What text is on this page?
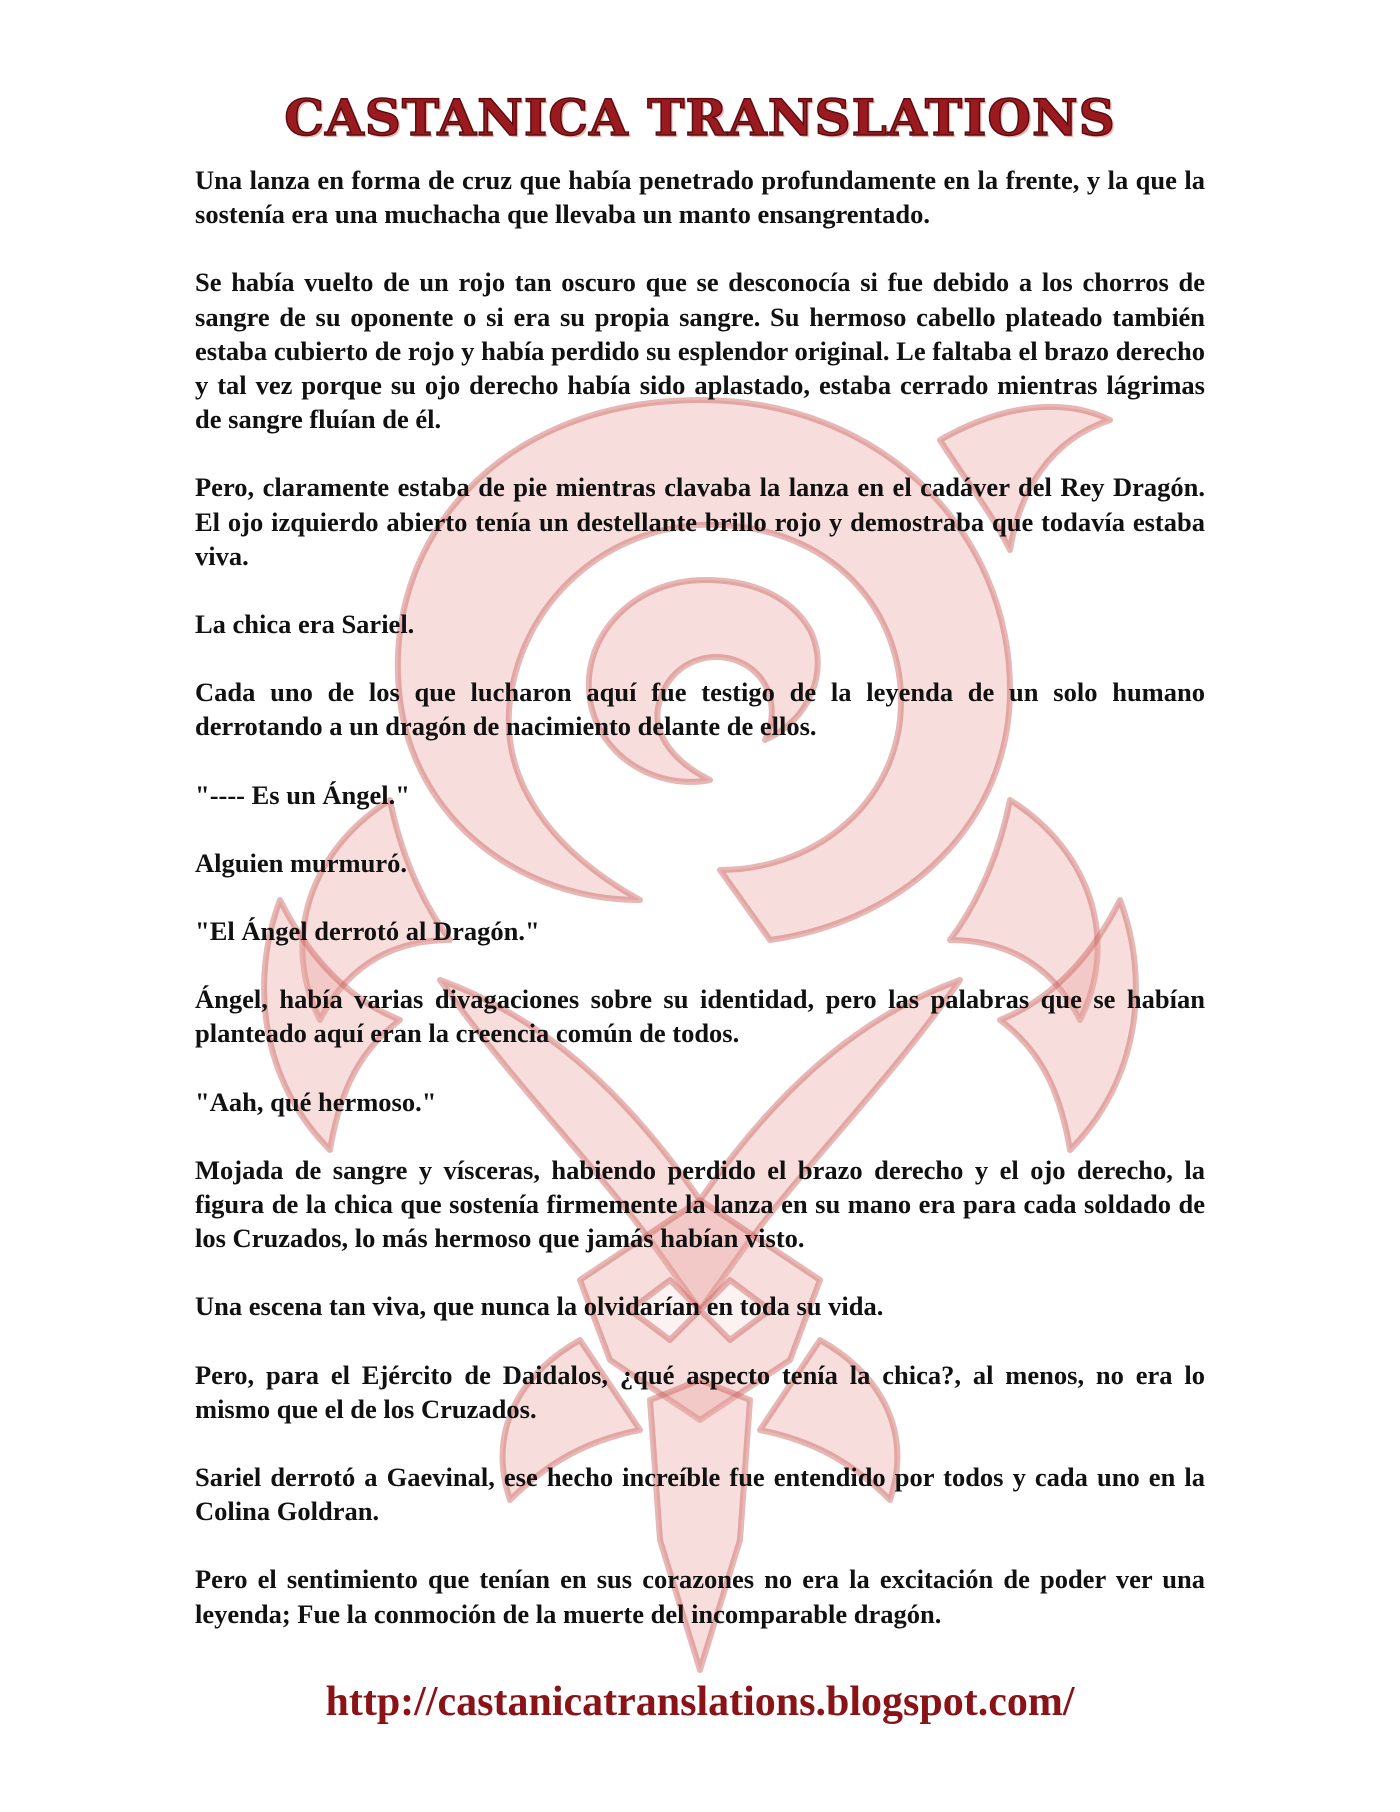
CASTANICA TRANSLATIONS

Una lanza en forma de cruz que había penetrado profundamente en la frente, y la que la sostenía era una muchacha que llevaba un manto ensangrentado.

Se había vuelto de un rojo tan oscuro que se desconocía si fue debido a los chorros de sangre de su oponente o si era su propia sangre. Su hermoso cabello plateado también estaba cubierto de rojo y había perdido su esplendor original. Le faltaba el brazo derecho y tal vez porque su ojo derecho había sido aplastado, estaba cerrado mientras lágrimas de sangre fluían de él.

Pero, claramente estaba de pie mientras clavaba la lanza en el cadáver del Rey Dragón. El ojo izquierdo abierto tenía un destellante brillo rojo y demostraba que todavía estaba viva.

La chica era Sariel.

Cada uno de los que lucharon aquí fue testigo de la leyenda de un solo humano derrotando a un dragón de nacimiento delante de ellos.

"---- Es un Ángel."

Alguien murmuró.

"El Ángel derrotó al Dragón."

Ángel, había varias divagaciones sobre su identidad, pero las palabras que se habían planteado aquí eran la creencia común de todos.

"Aah, qué hermoso."

Mojada de sangre y vísceras, habiendo perdido el brazo derecho y el ojo derecho, la figura de la chica que sostenía firmemente la lanza en su mano era para cada soldado de los Cruzados, lo más hermoso que jamás habían visto.

Una escena tan viva, que nunca la olvidarían en toda su vida.

Pero, para el Ejército de Daidalos, ¿qué aspecto tenía la chica?, al menos, no era lo mismo que el de los Cruzados.

Sariel derrotó a Gaevinal, ese hecho increíble fue entendido por todos y cada uno en la Colina Goldran.

Pero el sentimiento que tenían en sus corazones no era la excitación de poder ver una leyenda; Fue la conmoción de la muerte del incomparable dragón.

http://castanicatranslations.blogspot.com/
